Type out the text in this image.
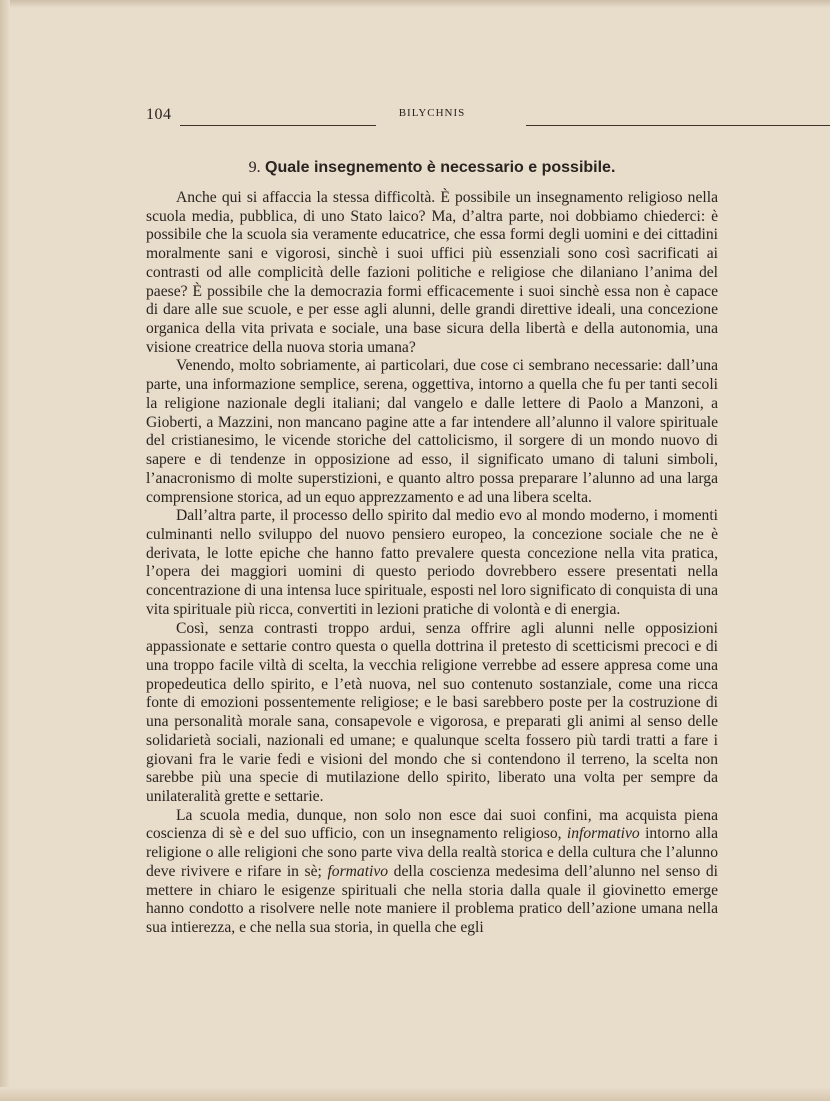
104	BILYCHNIS
9. Quale insegnemento è necessario e possibile.

Anche qui si affaccia la stessa difficoltà. È possibile un insegnamento religioso nella scuola media, pubblica, di uno Stato laico? Ma, d’altra parte, noi dobbiamo chiederci: è possibile che la scuola sia veramente educatrice, che essa formi degli uomini e dei cittadini moralmente sani e vigorosi, sinchè i suoi uffici più essenziali sono così sacrificati ai contrasti od alle complicità delle fazioni politiche e religiose che dilaniano l’anima del paese? È possibile che la democrazia formi efficacemente i suoi sinchè essa non è capace di dare alle sue scuole, e per esse agli alunni, delle grandi direttive ideali, una concezione organica della vita privata e sociale, una base sicura della libertà e della autonomia, una visione creatrice della nuova storia umana?

Venendo, molto sobriamente, ai particolari, due cose ci sembrano necessarie: dall’una parte, una informazione semplice, serena, oggettiva, intorno a quella che fu per tanti secoli la religione nazionale degli italiani; dal vangelo e dalle lettere di Paolo a Manzoni, a Gioberti, a Mazzini, non mancano pagine atte a far intendere all’alunno il valore spirituale del cristianesimo, le vicende storiche del cattolicismo, il sorgere di un mondo nuovo di sapere e di tendenze in opposizione ad esso, il significato umano di taluni simboli, l’anacronismo di molte superstizioni, e quanto altro possa preparare l’alunno ad una larga comprensione storica, ad un equo apprezzamento e ad una libera scelta.

Dall’altra parte, il processo dello spirito dal medio evo al mondo moderno, i momenti culminanti nello sviluppo del nuovo pensiero europeo, la concezione sociale che ne è derivata, le lotte epiche che hanno fatto prevalere questa concezione nella vita pratica, l’opera dei maggiori uomini di questo periodo dovrebbero essere presentati nella concentrazione di una intensa luce spirituale, esposti nel loro significato di conquista di una vita spirituale più ricca, convertiti in lezioni pratiche di volontà e di energia.

Così, senza contrasti troppo ardui, senza offrire agli alunni nelle opposizioni appassionate e settarie contro questa o quella dottrina il pretesto di scetticismi precoci e di una troppo facile viltà di scelta, la vecchia religione verrebbe ad essere appresa come una propedeutica dello spirito, e l’età nuova, nel suo contenuto sostanziale, come una ricca fonte di emozioni possentemente religiose; e le basi sarebbero poste per la costruzione di una personalità morale sana, consapevole e vigorosa, e preparati gli animi al senso delle solidarietà sociali, nazionali ed umane; e qualunque scelta fossero più tardi tratti a fare i giovani fra le varie fedi e visioni del mondo che si contendono il terreno, la scelta non sarebbe più una specie di mutilazione dello spirito, liberato una volta per sempre da unilateralità grette e settarie.

La scuola media, dunque, non solo non esce dai suoi confini, ma acquista piena coscienza di sè e del suo ufficio, con un insegnamento religioso, informativo intorno alla religione o alle religioni che sono parte viva della realtà storica e della cultura che l’alunno deve rivivere e rifare in sè; formativo della coscienza medesima dell’alunno nel senso di mettere in chiaro le esigenze spirituali che nella storia dalla quale il giovinetto emerge hanno condotto a risolvere nelle note maniere il problema pratico dell’azione umana nella sua intierezza, e che nella sua storia, in quella che egli
